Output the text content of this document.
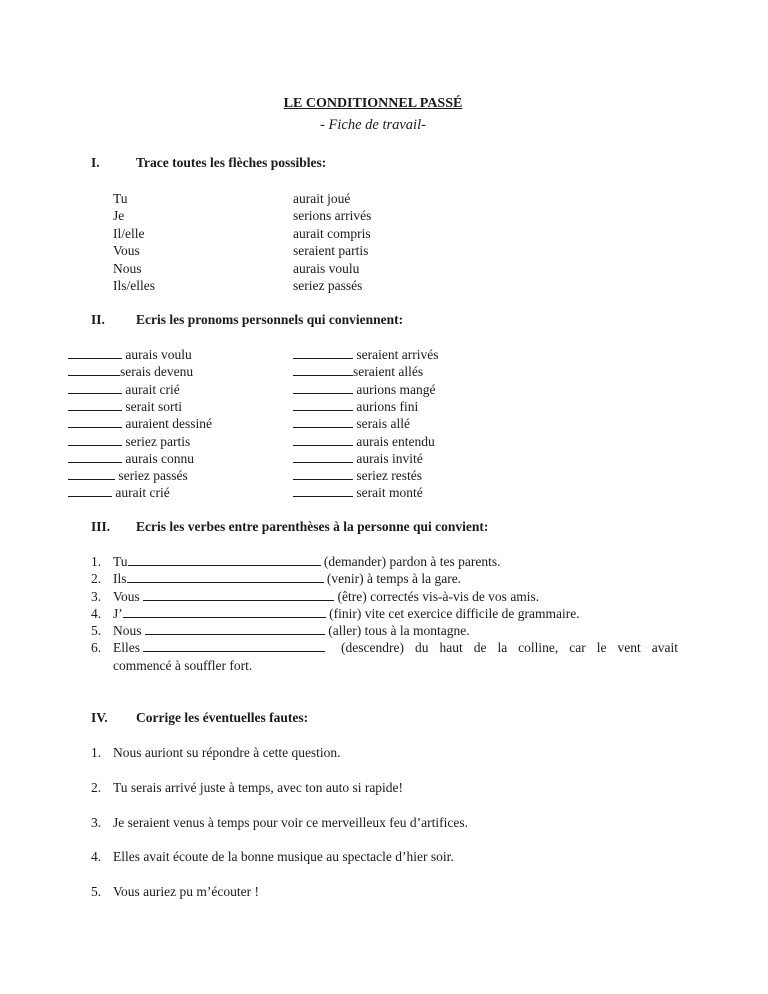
LE CONDITIONNEL PASSÉ
- Fiche de travail-
I.	Trace toutes les flèches possibles:
Tu	aurait joué
Je	serions arrivés
Il/elle	aurait compris
Vous	seraient partis
Nous	aurais voulu
Ils/elles	seriez passés
II. Ecris les pronoms personnels qui conviennent:
aurais voulu	seraient arrivés
serais devenu	seraient allés
aurait crié	aurions mangé
serait sorti	aurions fini
auraient dessiné	serais allé
seriez partis	aurais entendu
aurais connu	aurais invité
seriez passés	seriez restés
aurait crié	serait monté
III. Ecris les verbes entre parenthèses à la personne qui convient:
1. Tu	(demander) pardon à tes parents.
2. Ils	(venir) à temps à la gare.
3. Vous	(être) correctés vis-à-vis de vos amis.
4. J’	(finir) vite cet exercice difficile de grammaire.
5. Nous	(aller) tous à la montagne.
6. Elles	(descendre) du haut de la colline, car le vent avait
commencé à souffler fort.
IV. Corrige les éventuelles fautes:
1. Nous auriont su répondre à cette question.
2. Tu serais arrivé juste à temps, avec ton auto si rapide!
3. Je seraient venus à temps pour voir ce merveilleux feu d’artifices.
4. Elles avait écoute de la bonne musique au spectacle d’hier soir.
5. Vous auriez pu m’écouter !
